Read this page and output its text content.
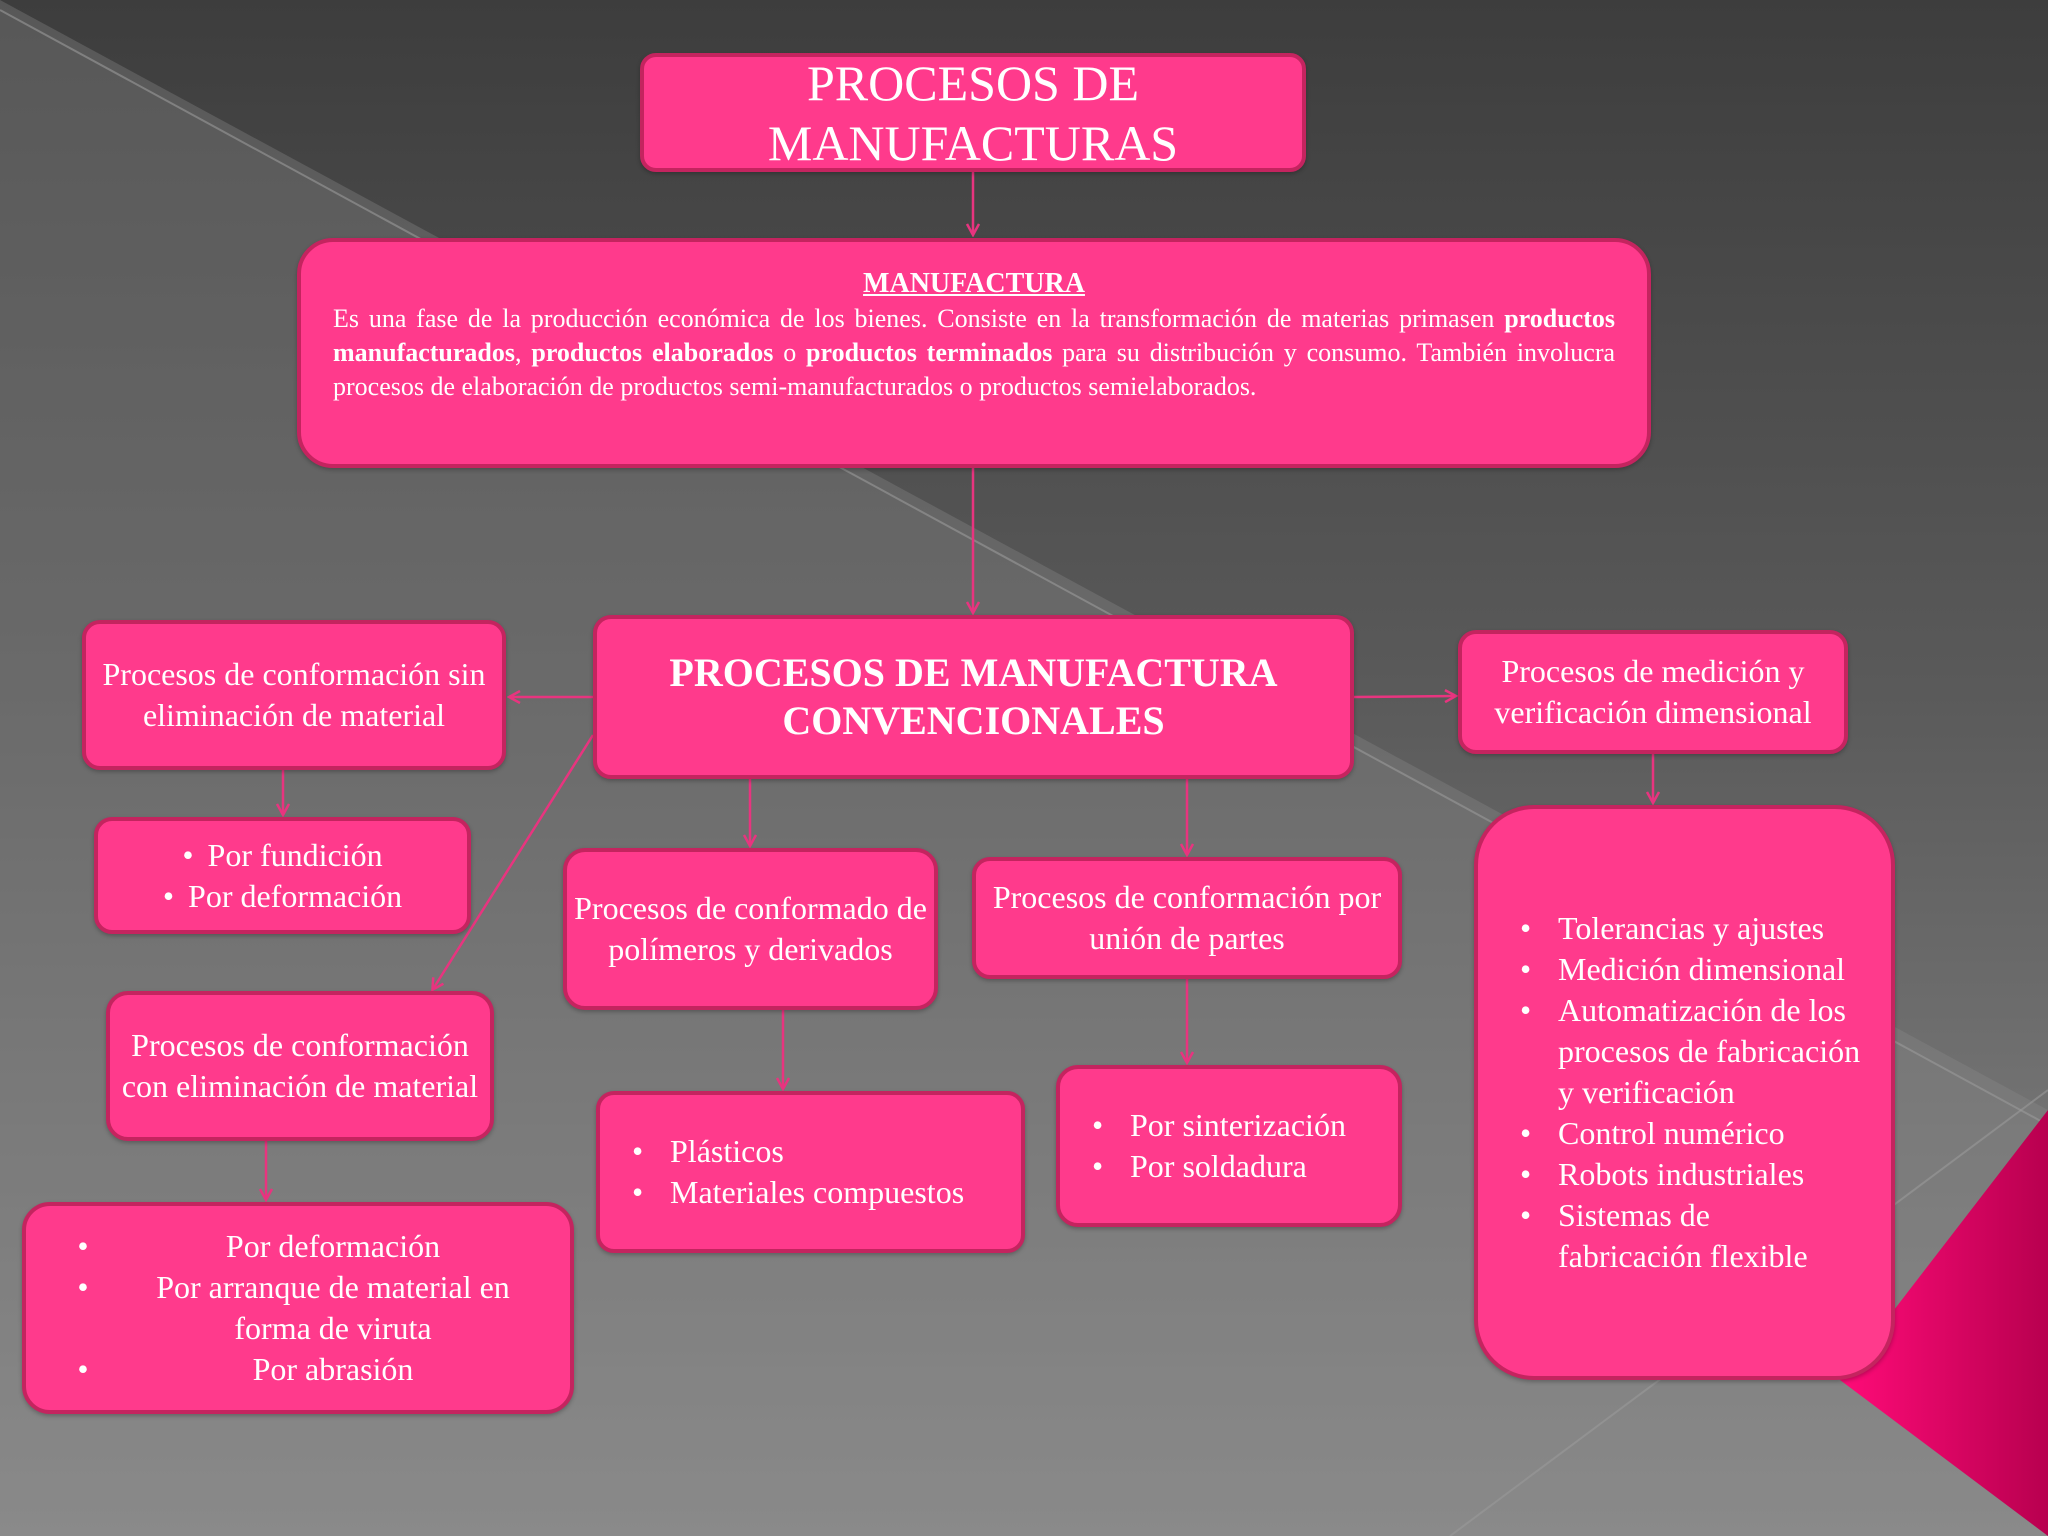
PROCESOS DE MANUFACTURAS
MANUFACTURA
Es una fase de la producción económica de los bienes. Consiste en la transformación de materias primasen productos manufacturados, productos elaborados o productos terminados para su distribución y consumo. También involucra procesos de elaboración de productos semi-manufacturados o productos semielaborados.
PROCESOS DE MANUFACTURA CONVENCIONALES
Procesos de conformación sin eliminación de material
• Por fundición
• Por deformación
Procesos de medición y verificación dimensional
• Tolerancias y ajustes
• Medición dimensional
• Automatización de los procesos de fabricación y verificación
• Control numérico
• Robots industriales
• Sistemas de fabricación flexible
Procesos de conformado de polímeros y derivados
• Plásticos
• Materiales compuestos
Procesos de conformación por unión de partes
• Por sinterización
• Por soldadura
Procesos de conformación con eliminación de material
•	Por deformación
•	Por arranque de material en forma de viruta
•	Por abrasión
